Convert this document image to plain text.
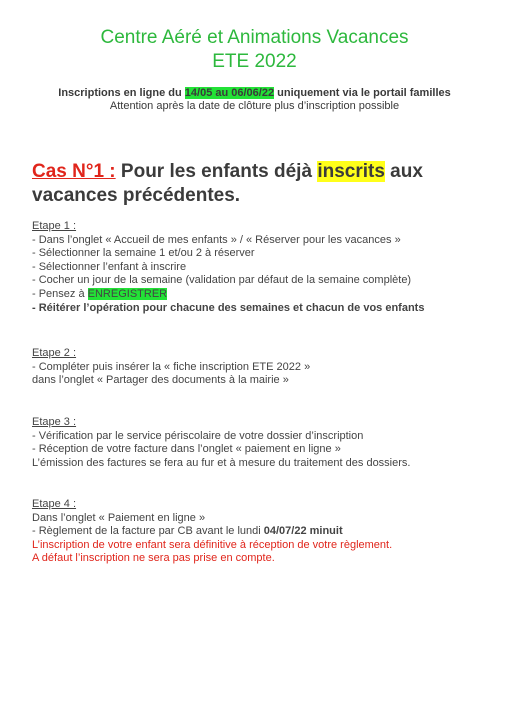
Centre Aéré et Animations Vacances
ETE 2022
Inscriptions en ligne du 14/05 au 06/06/22 uniquement via le portail familles
Attention après la date de clôture plus d’inscription possible
Cas N°1 : Pour les enfants déjà inscrits aux
vacances précédentes.
Etape 1 :
- Dans l’onglet « Accueil de mes enfants » / « Réserver pour les vacances »
- Sélectionner la semaine 1 et/ou 2 à réserver
- Sélectionner l’enfant à inscrire
- Cocher un jour de la semaine (validation par défaut de la semaine complète)
- Pensez à ENREGISTRER
- Réitérer l’opération pour chacune des semaines et chacun de vos enfants
Etape 2 :
- Compléter puis insérer la « fiche inscription ETE 2022 »
dans l’onglet « Partager des documents à la mairie »
Etape 3 :
- Vérification par le service périscolaire de votre dossier d’inscription
- Réception de votre facture dans l’onglet « paiement en ligne »
L’émission des factures se fera au fur et à mesure du traitement des dossiers.
Etape 4 :
Dans l’onglet « Paiement en ligne »
- Règlement de la facture par CB avant le lundi 04/07/22 minuit
L’inscription de votre enfant sera définitive à réception de votre règlement.
A défaut l’inscription ne sera pas prise en compte.
